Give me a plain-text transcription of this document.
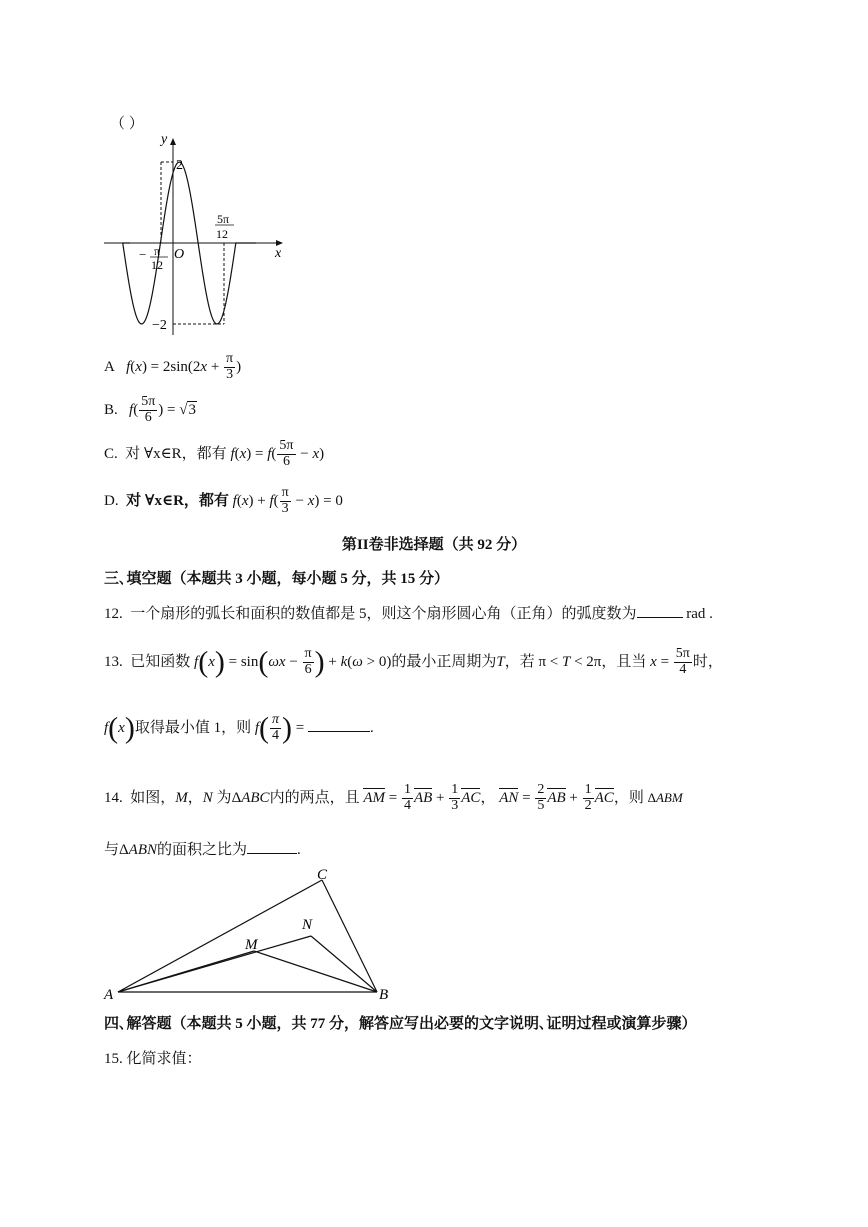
（ ）
y
x
O
2
−2
− π
12
5π
12
A $f(x) = 2\sin(2x + \frac{\pi}{3}$ )
B. $f( \frac{5\pi}{6}$ ) = √3
C. 对 ∀x∈R，都有 $f(x) = f( \frac{5\pi}{6} - x)$
D. 对 ∀x∈R，都有 $f(x) + f( \frac{\pi}{3} - x) = 0$
第II卷非选择题（共 92 分）
三､填空题（本题共 3 小题，每小题 5 分，共 15 分）
12. 一个扇形的弧长和面积的数值都是 5，则这个扇形圆心角（正角）的弧度数为	rad .
13. 已知函数 $f(x) = \sin(\omega x - \frac{\pi}{6}$ ) + k(ω > 0)的最小正周期为T，若 π < T < 2π，且当 $x = \frac{5\pi}{4}$ 时，
f(x)取得最小值 1，则 $f( \frac{\pi}{4}$ ) =	.
14. 如图，M，N 为ΔABC内的两点，且 AM = $\frac{1}{4}$ AB + $\frac{1}{3}$ AC， AN = $\frac{2}{5}$ AB + $\frac{1}{2}$ AC，则 ΔABM
与ΔABN的面积之比为	.
A	B
C
M
N
四､解答题（本题共 5 小题，共 77 分，解答应写出必要的文字说明､证明过程或演算步骤）
15. 化简求值：
